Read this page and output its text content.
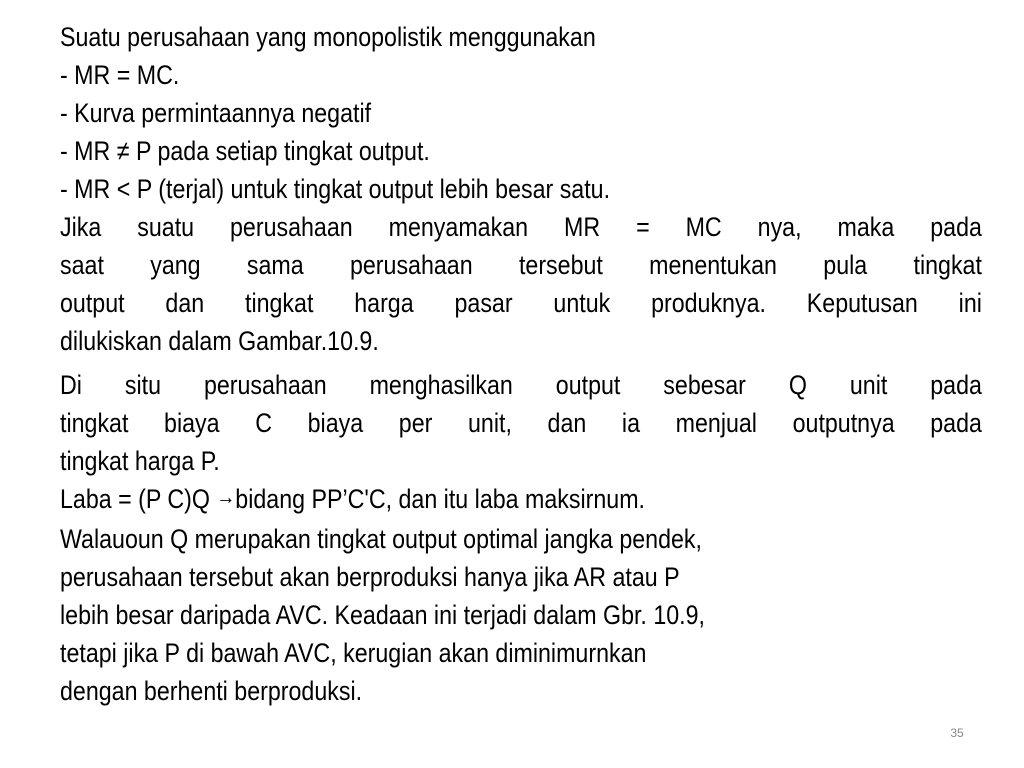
Suatu perusahaan yang monopolistik menggunakan
- MR = MC.
- Kurva permintaannya negatif
- MR ≠ P pada setiap tingkat output.
- MR < P (terjal) untuk tingkat output lebih besar satu.
Jika suatu perusahaan menyamakan MR = MC nya, maka pada
saat yang sama perusahaan tersebut menentukan pula tingkat
output dan tingkat harga pasar untuk produknya. Keputusan ini
dilukiskan dalam Gambar.10.9.
Di situ perusahaan menghasilkan output sebesar Q unit pada
tingkat biaya C biaya per unit, dan ia menjual outputnya pada
tingkat harga P.
Laba = (P C)Q →bidang PP’C'C, dan itu laba maksirnum.
Walauoun Q merupakan tingkat output optimal jangka pendek,
perusahaan tersebut akan berproduksi hanya jika AR atau P
lebih besar daripada AVC. Keadaan ini terjadi dalam Gbr. 10.9,
tetapi jika P di bawah AVC, kerugian akan diminimurnkan
dengan berhenti berproduksi.
35
